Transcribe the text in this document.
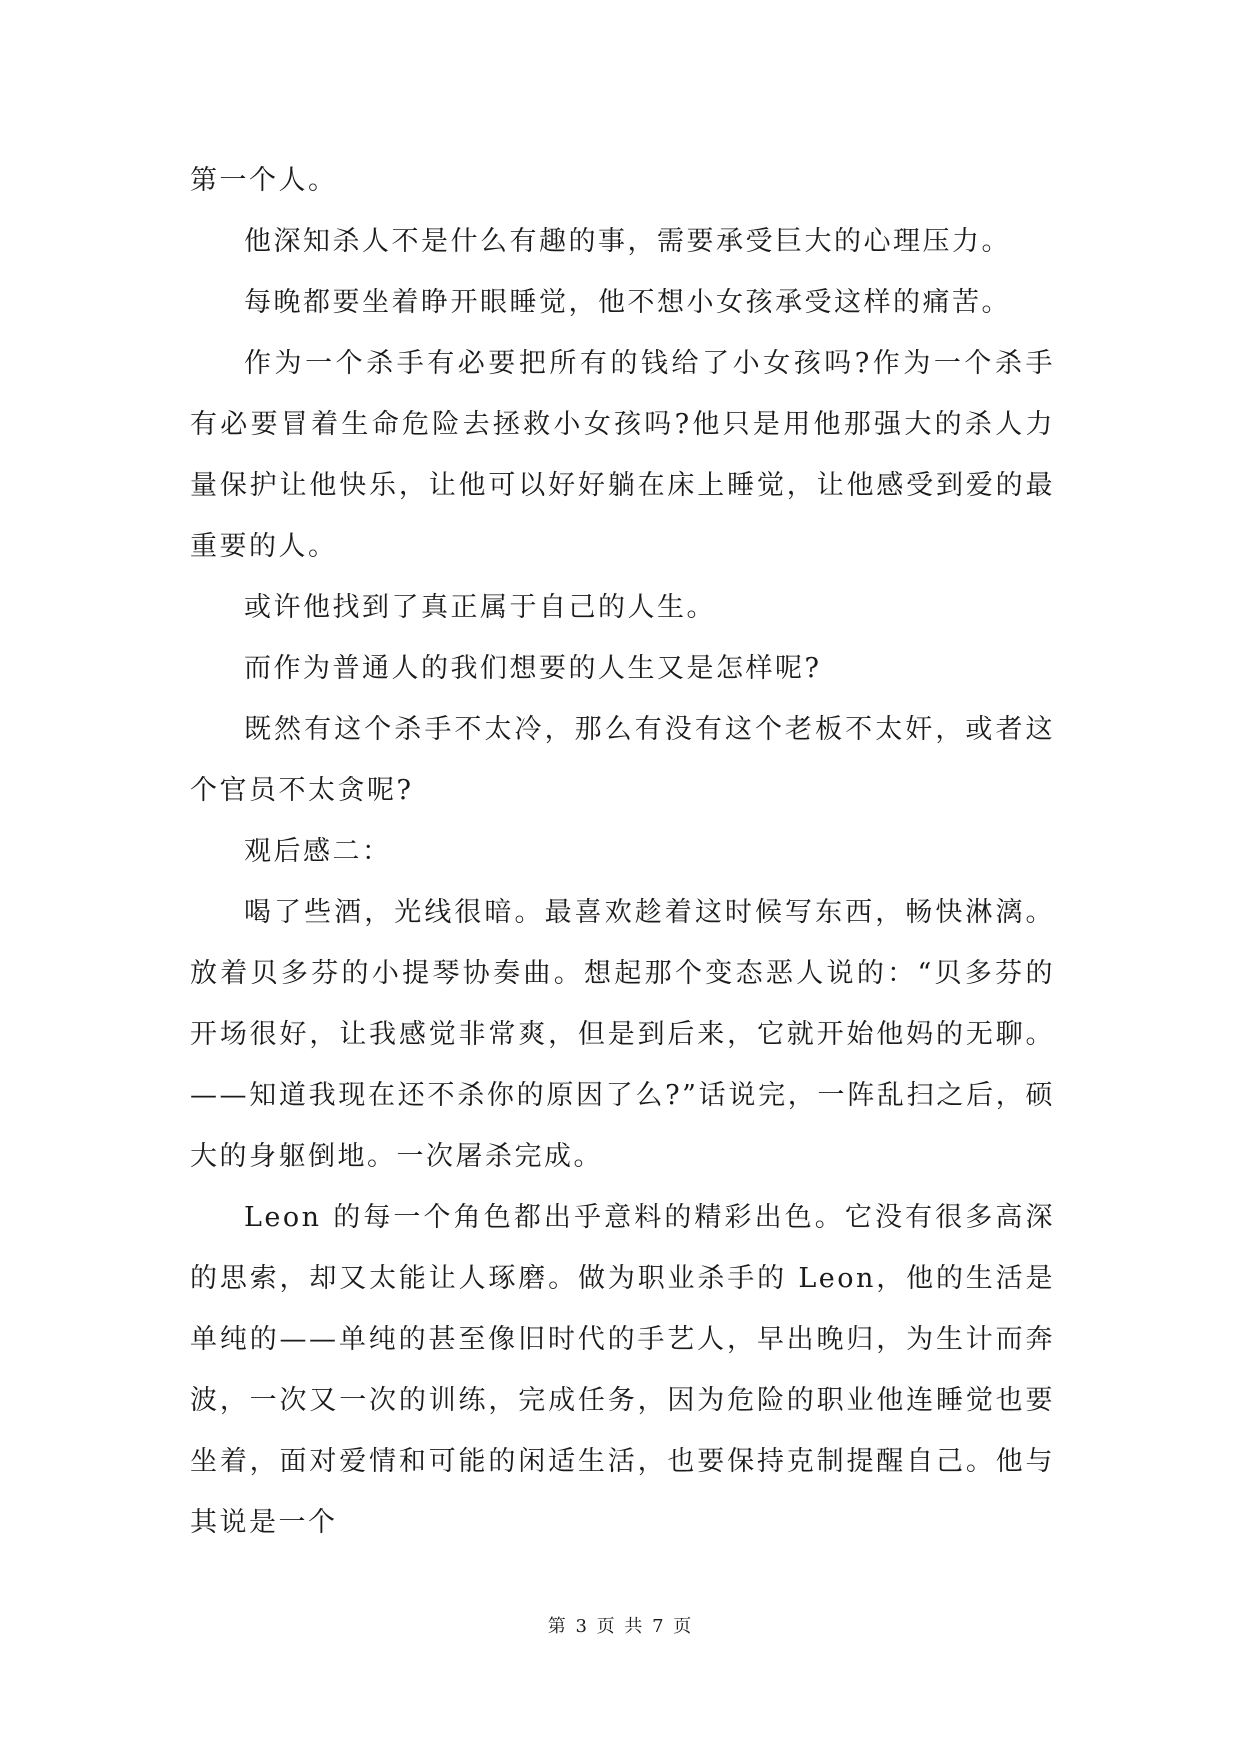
第一个人。

他深知杀人不是什么有趣的事，需要承受巨大的心理压力。

每晚都要坐着睁开眼睡觉，他不想小女孩承受这样的痛苦。

作为一个杀手有必要把所有的钱给了小女孩吗?作为一个杀手有必要冒着生命危险去拯救小女孩吗?他只是用他那强大的杀人力量保护让他快乐，让他可以好好躺在床上睡觉，让他感受到爱的最重要的人。

或许他找到了真正属于自己的人生。

而作为普通人的我们想要的人生又是怎样呢?

既然有这个杀手不太冷，那么有没有这个老板不太奸，或者这个官员不太贪呢?

观后感二：

喝了些酒，光线很暗。最喜欢趁着这时候写东西，畅快淋漓。放着贝多芬的小提琴协奏曲。想起那个变态恶人说的：“贝多芬的开场很好，让我感觉非常爽，但是到后来，它就开始他妈的无聊。——知道我现在还不杀你的原因了么?”话说完，一阵乱扫之后，硕大的身躯倒地。一次屠杀完成。

Leon 的每一个角色都出乎意料的精彩出色。它没有很多高深的思索，却又太能让人琢磨。做为职业杀手的 Leon，他的生活是单纯的——单纯的甚至像旧时代的手艺人，早出晚归，为生计而奔波，一次又一次的训练，完成任务，因为危险的职业他连睡觉也要坐着，面对爱情和可能的闲适生活，也要保持克制提醒自己。他与其说是一个

第 3 页 共 7 页
